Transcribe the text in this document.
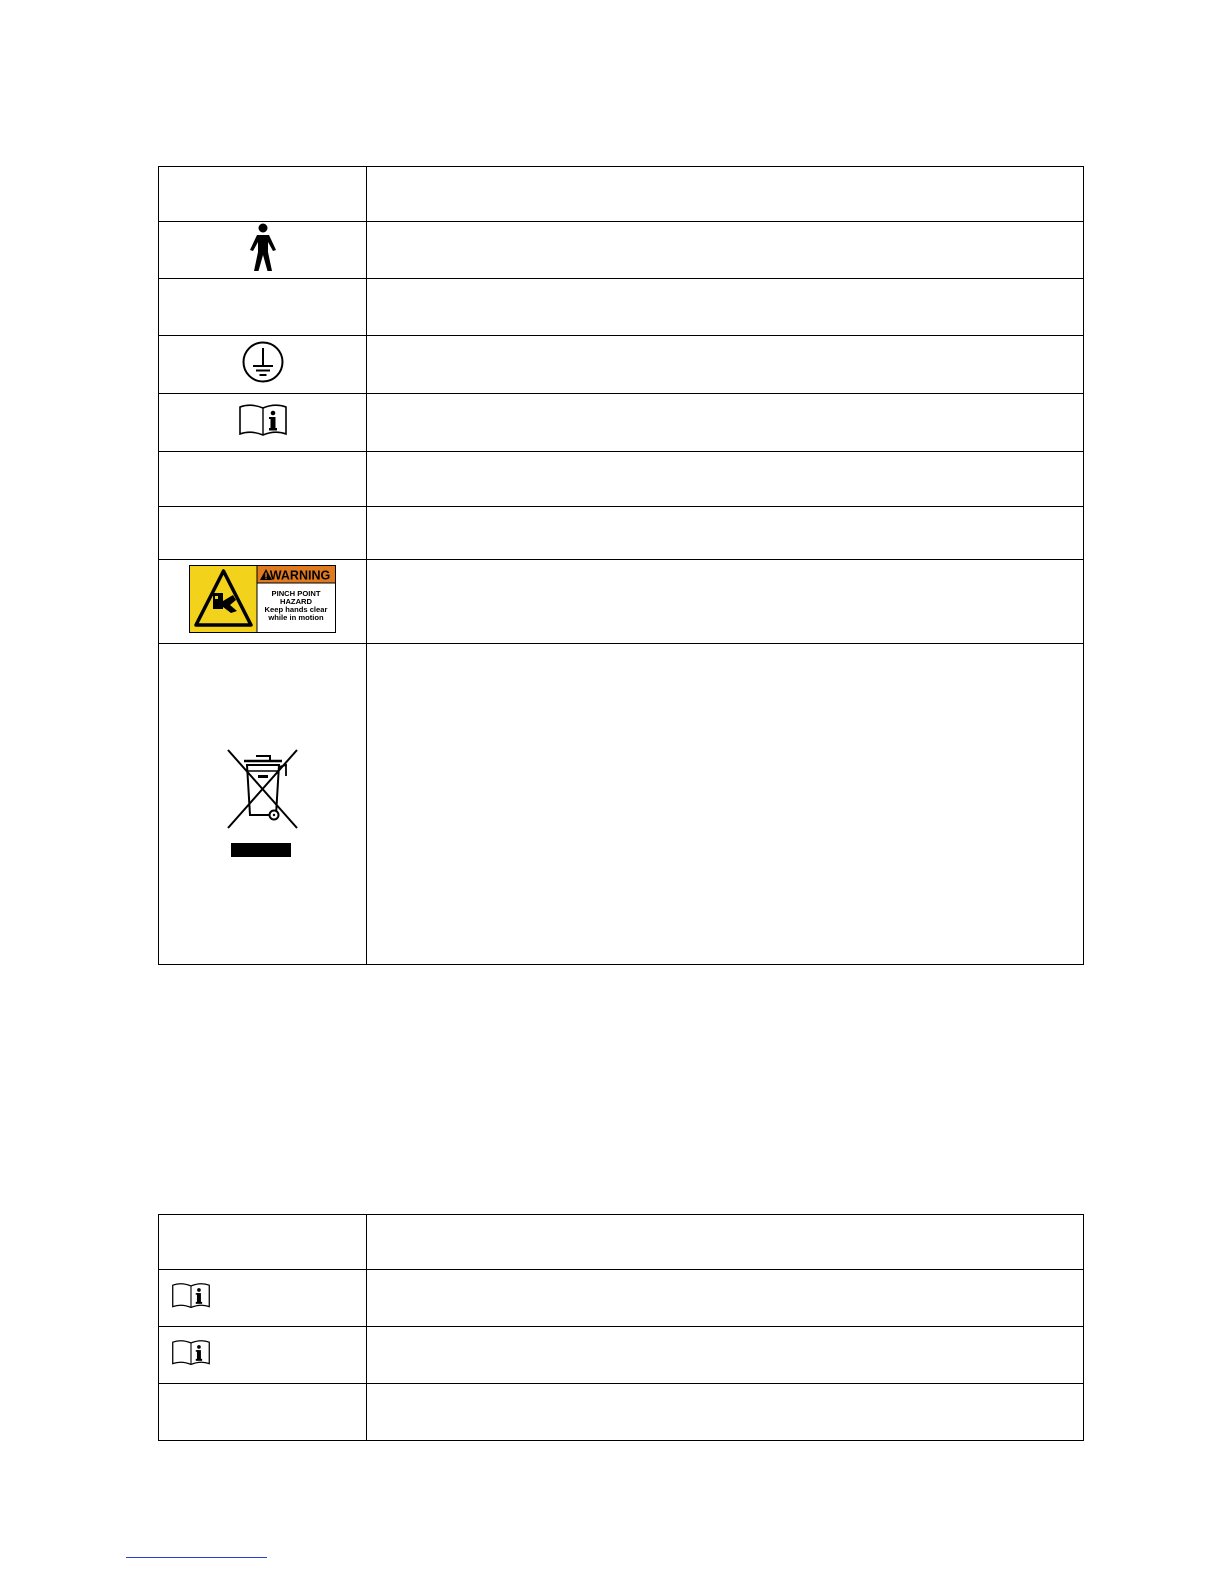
WARNING
PINCH POINT
HAZARD
Keep hands clear
while in motion	
